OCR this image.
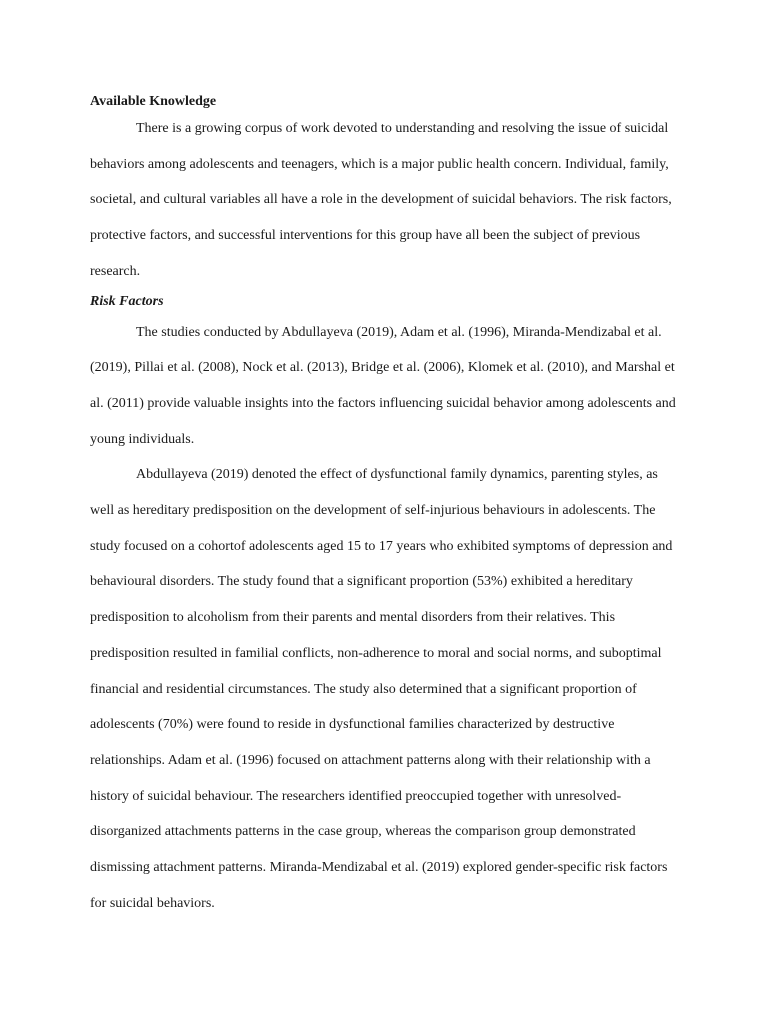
Available Knowledge

There is a growing corpus of work devoted to understanding and resolving the issue of suicidal behaviors among adolescents and teenagers, which is a major public health concern. Individual, family, societal, and cultural variables all have a role in the development of suicidal behaviors. The risk factors, protective factors, and successful interventions for this group have all been the subject of previous research.

Risk Factors

The studies conducted by Abdullayeva (2019), Adam et al. (1996), Miranda-Mendizabal et al. (2019), Pillai et al. (2008), Nock et al. (2013), Bridge et al. (2006), Klomek et al. (2010), and Marshal et al. (2011) provide valuable insights into the factors influencing suicidal behavior among adolescents and young individuals.

Abdullayeva (2019) denoted the effect of dysfunctional family dynamics, parenting styles, as well as hereditary predisposition on the development of self-injurious behaviours in adolescents. The study focused on a cohortof adolescents aged 15 to 17 years who exhibited symptoms of depression and behavioural disorders. The study found that a significant proportion (53%) exhibited a hereditary predisposition to alcoholism from their parents and mental disorders from their relatives. This predisposition resulted in familial conflicts, non-adherence to moral and social norms, and suboptimal financial and residential circumstances. The study also determined that a significant proportion of adolescents (70%) were found to reside in dysfunctional families characterized by destructive relationships. Adam et al. (1996) focused on attachment patterns along with their relationship with a history of suicidal behaviour. The researchers identified preoccupied together with unresolved-disorganized attachments patterns in the case group, whereas the comparison group demonstrated dismissing attachment patterns. Miranda-Mendizabal et al. (2019) explored gender-specific risk factors for suicidal behaviors.
